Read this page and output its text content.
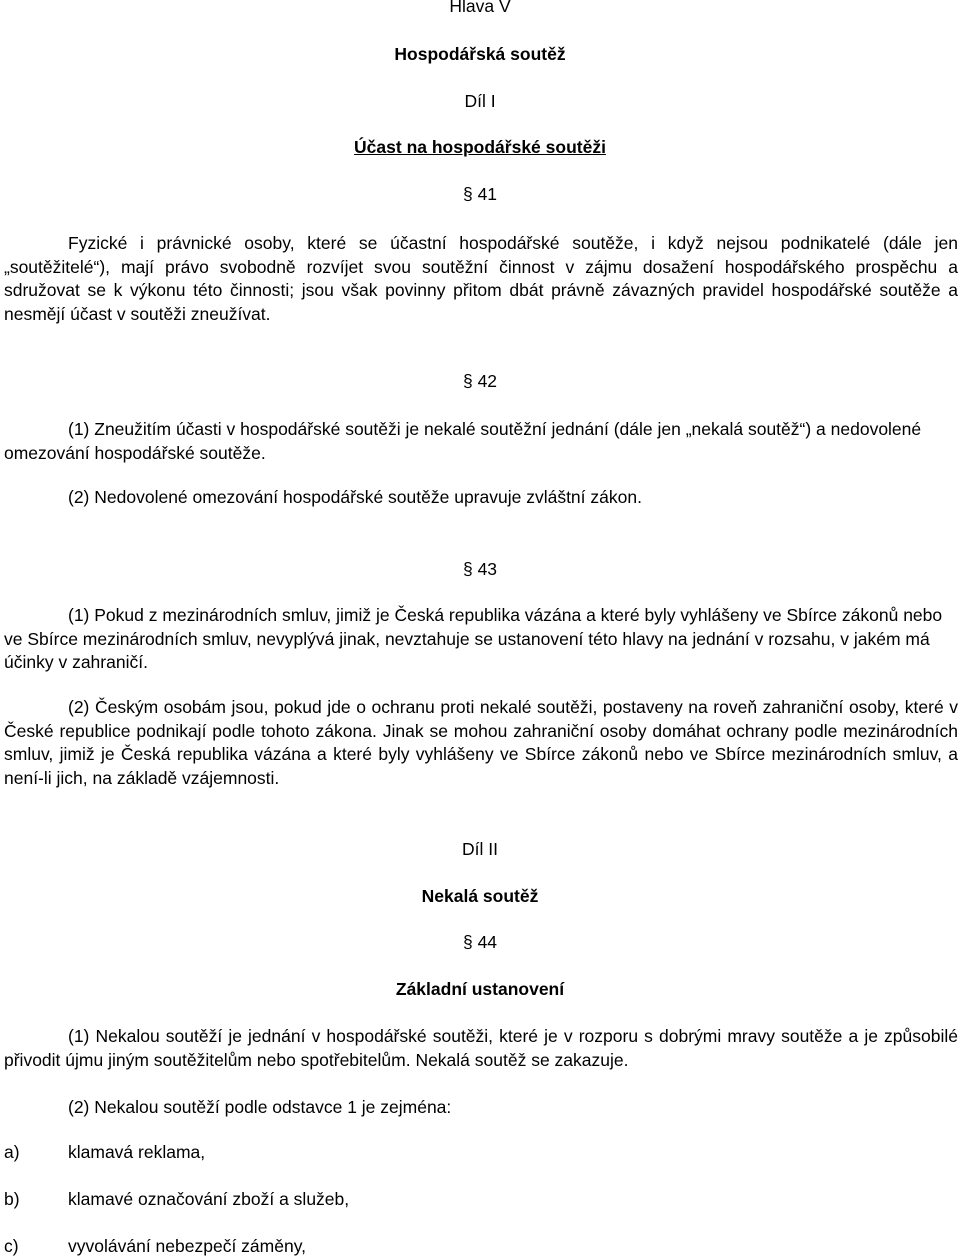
Hlava V
Hospodářská soutěž
Díl I
Účast na hospodářské soutěži
§ 41
Fyzické i právnické osoby, které se účastní hospodářské soutěže, i když nejsou podnikatelé (dále jen „soutěžitelé“), mají právo svobodně rozvíjet svou soutěžní činnost v zájmu dosažení hospodářského prospěchu a sdružovat se k výkonu této činnosti; jsou však povinny přitom dbát právně závazných pravidel hospodářské soutěže a nesmějí účast v soutěži zneužívat.
§ 42
(1) Zneužitím účasti v hospodářské soutěži je nekalé soutěžní jednání (dále jen „nekalá soutěž“) a nedovolené omezování hospodářské soutěže.
(2) Nedovolené omezování hospodářské soutěže upravuje zvláštní zákon.
§ 43
(1) Pokud z mezinárodních smluv, jimiž je Česká republika vázána a které byly vyhlášeny ve Sbírce zákonů nebo ve Sbírce mezinárodních smluv, nevyplývá jinak, nevztahuje se ustanovení této hlavy na jednání v rozsahu, v jakém má účinky v zahraničí.
(2) Českým osobám jsou, pokud jde o ochranu proti nekalé soutěži, postaveny na roveň zahraniční osoby, které v České republice podnikají podle tohoto zákona. Jinak se mohou zahraniční osoby domáhat ochrany podle mezinárodních smluv, jimiž je Česká republika vázána a které byly vyhlášeny ve Sbírce zákonů nebo ve Sbírce mezinárodních smluv, a není-li jich, na základě vzájemnosti.
Díl II
Nekalá soutěž
§ 44
Základní ustanovení
(1) Nekalou soutěží je jednání v hospodářské soutěži, které je v rozporu s dobrými mravy soutěže a je způsobilé přivodit újmu jiným soutěžitelům nebo spotřebitelům. Nekalá soutěž se zakazuje.
(2) Nekalou soutěží podle odstavce 1 je zejména:
a)	klamavá reklama,
b)	klamavé označování zboží a služeb,
c)	vyvolávání nebezpečí záměny,
